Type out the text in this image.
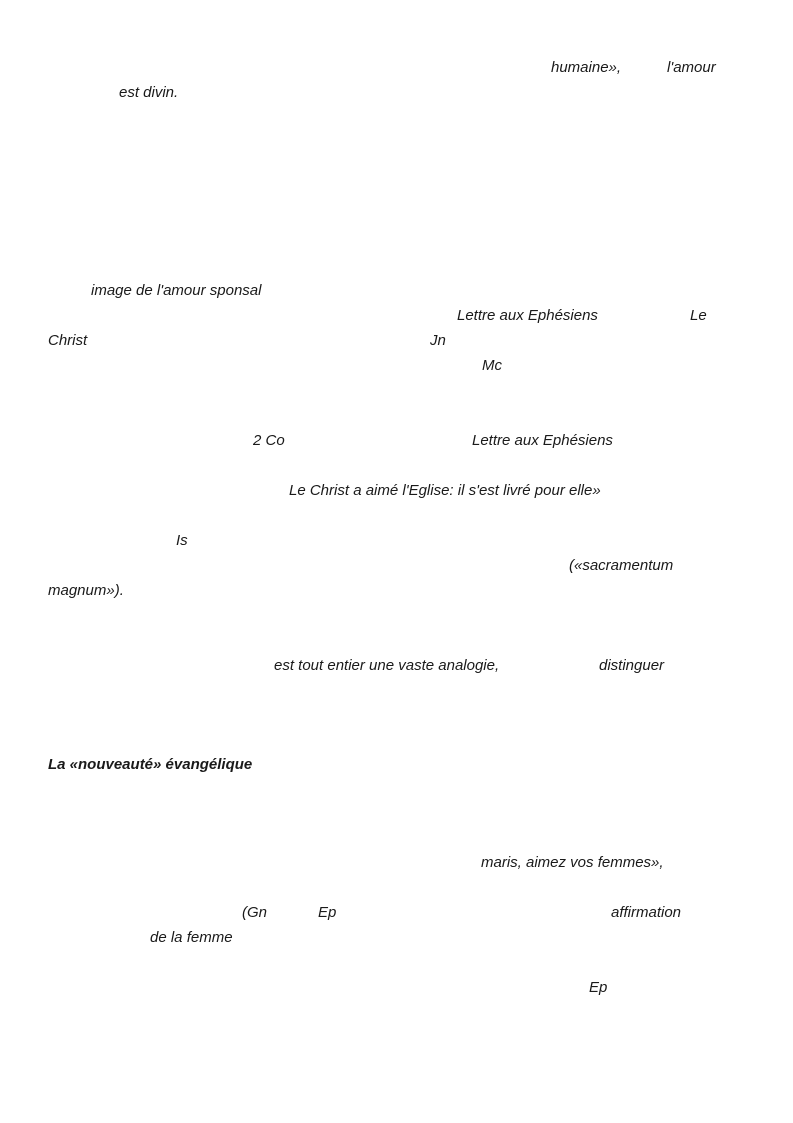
humaine»,	l'amour
est divin.
image de l'amour sponsal
Lettre aux Ephésiens	Le
Christ	Jn
Mc
2 Co	Lettre aux Ephésiens
Le Christ a aimé l'Eglise: il s'est livré pour elle»
Is
(«sacramentum
magnum»).
est tout entier une vaste analogie,	distinguer
La «nouveauté» évangélique
maris, aimez vos femmes»,
(Gn	Ep	affirmation
de la femme
Ep
